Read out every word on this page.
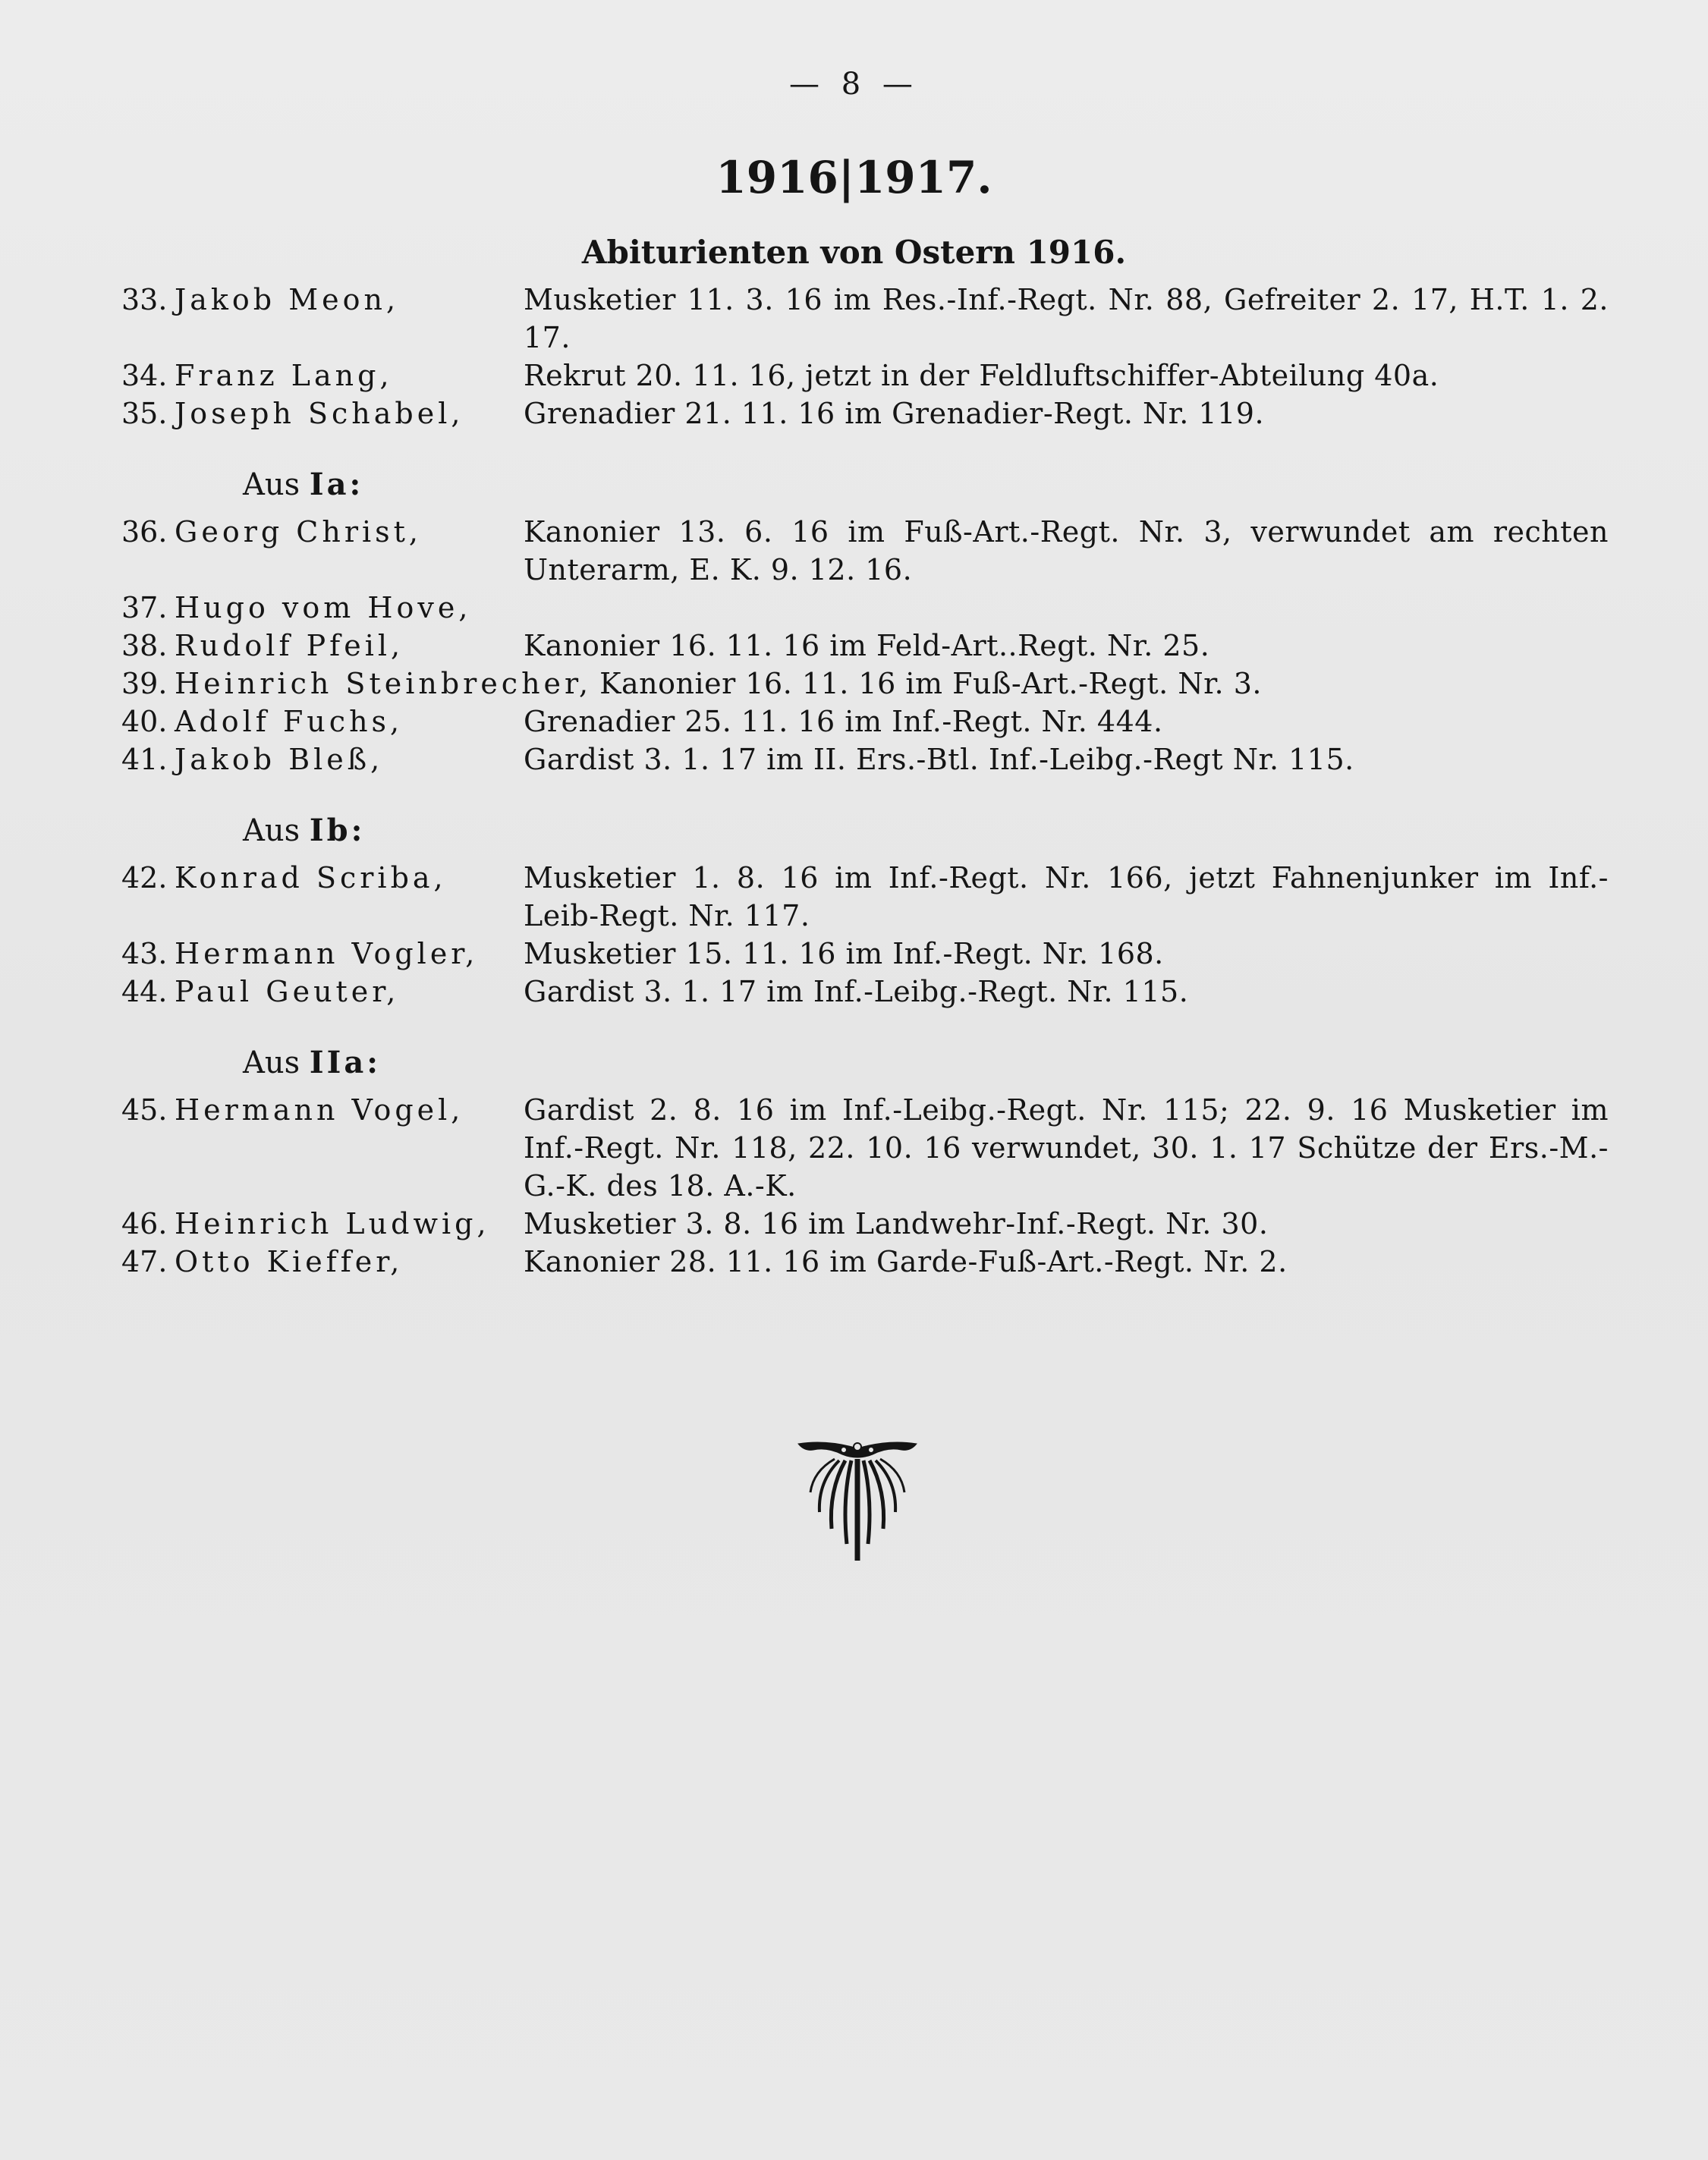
— 8 —
1916|1917.
Abiturienten von Ostern 1916.
33. Jakob Meon,	Musketier 11. 3. 16 im Res.-Inf.-Regt. Nr. 88, Gefreiter 2. 17, H.T. 1. 2. 17.
34. Franz Lang,	Rekrut 20. 11. 16, jetzt in der Feldluftschiffer-Abteilung 40a.
35. Joseph Schabel,	Grenadier 21. 11. 16 im Grenadier-Regt. Nr. 119.
Aus Ia:
36. Georg Christ,	Kanonier 13. 6. 16 im Fuß-Art.-Regt. Nr. 3, verwundet am rechten Unterarm, E. K. 9. 12. 16.
37. Hugo vom Hove,
38. Rudolf Pfeil,	Kanonier 16. 11. 16 im Feld-Art..Regt. Nr. 25.
39. Heinrich Steinbrecher, Kanonier 16. 11. 16 im Fuß-Art.-Regt. Nr. 3.
40. Adolf Fuchs,	Grenadier 25. 11. 16 im Inf.-Regt. Nr. 444.
41. Jakob Bleß,	Gardist 3. 1. 17 im II. Ers.-Btl. Inf.-Leibg.-Regt Nr. 115.
Aus Ib:
42. Konrad Scriba,	Musketier 1. 8. 16 im Inf.-Regt. Nr. 166, jetzt Fahnenjunker im Inf.-Leib-Regt. Nr. 117.
43. Hermann Vogler,	Musketier 15. 11. 16 im Inf.-Regt. Nr. 168.
44. Paul Geuter,	Gardist 3. 1. 17 im Inf.-Leibg.-Regt. Nr. 115.
Aus IIa:
45. Hermann Vogel,	Gardist 2. 8. 16 im Inf.-Leibg.-Regt. Nr. 115; 22. 9. 16 Musketier im Inf.-Regt. Nr. 118, 22. 10. 16 verwundet, 30. 1. 17 Schütze der Ers.-M.-G.-K. des 18. A.-K.
46. Heinrich Ludwig,	Musketier 3. 8. 16 im Landwehr-Inf.-Regt. Nr. 30.
47. Otto Kieffer,	Kanonier 28. 11. 16 im Garde-Fuß-Art.-Regt. Nr. 2.
